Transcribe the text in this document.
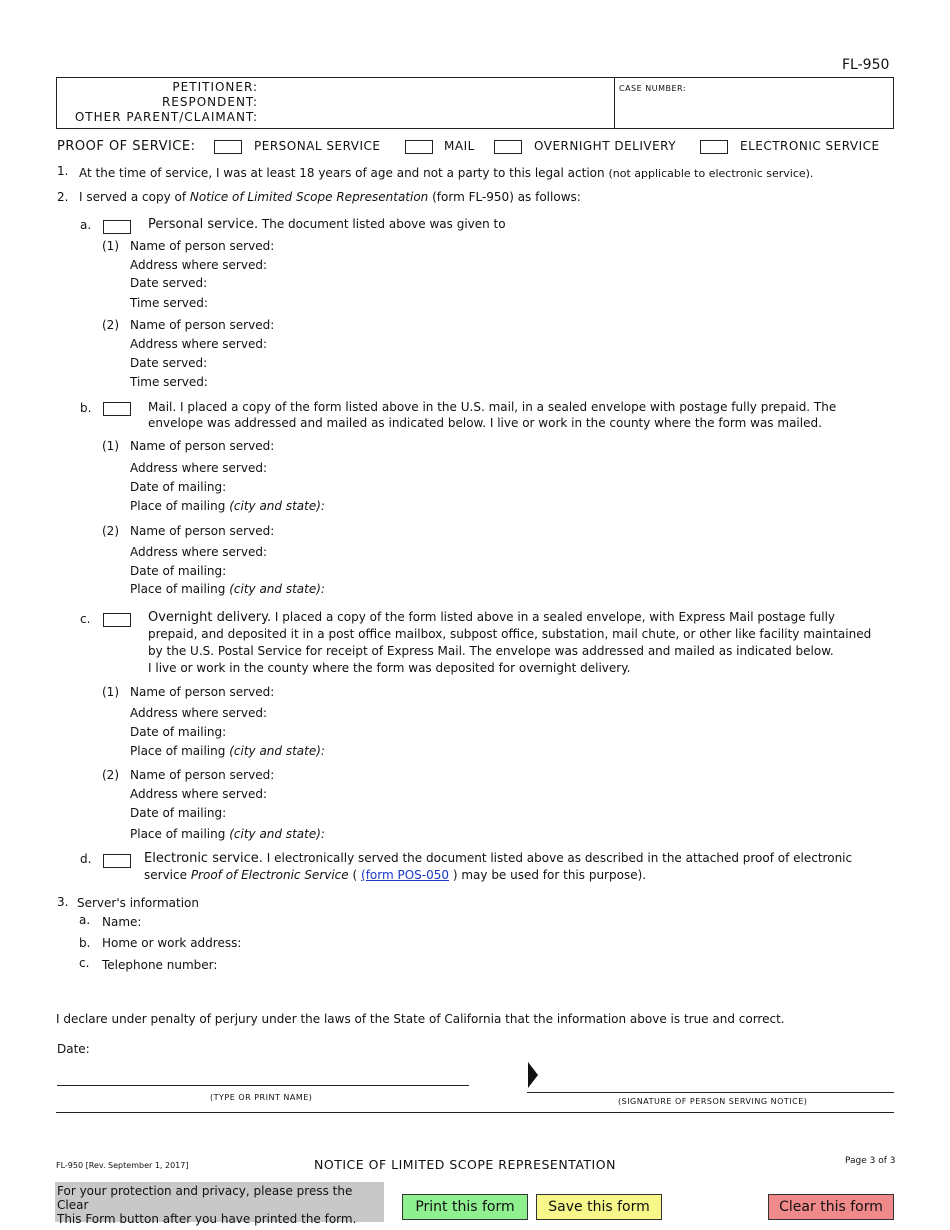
FL-950
PETITIONER:
RESPONDENT:
OTHER PARENT/CLAIMANT:
CASE NUMBER:
PROOF OF SERVICE:	PERSONAL SERVICE	MAIL	OVERNIGHT DELIVERY	ELECTRONIC SERVICE
1. At the time of service, I was at least 18 years of age and not a party to this legal action (not applicable to electronic service).
2. I served a copy of Notice of Limited Scope Representation (form FL-950) as follows:
a.	Personal service. The document listed above was given to
(1) Name of person served:
Address where served:
Date served:
Time served:
(2) Name of person served:
Address where served:
Date served:
Time served:
b.	Mail. I placed a copy of the form listed above in the U.S. mail, in a sealed envelope with postage fully prepaid. The
envelope was addressed and mailed as indicated below. I live or work in the county where the form was mailed.
(1) Name of person served:
Address where served:
Date of mailing:
Place of mailing (city and state):
(2) Name of person served:
Address where served:
Date of mailing:
Place of mailing (city and state):
c.	Overnight delivery. I placed a copy of the form listed above in a sealed envelope, with Express Mail postage fully
prepaid, and deposited it in a post office mailbox, subpost office, substation, mail chute, or other like facility maintained
by the U.S. Postal Service for receipt of Express Mail. The envelope was addressed and mailed as indicated below.
I live or work in the county where the form was deposited for overnight delivery.
(1) Name of person served:
Address where served:
Date of mailing:
Place of mailing (city and state):
(2) Name of person served:
Address where served:
Date of mailing:
Place of mailing (city and state):
d.	Electronic service. I electronically served the document listed above as described in the attached proof of electronic
service Proof of Electronic Service ( (form POS-050 ) may be used for this purpose).
3. Server's information
a. Name:
b. Home or work address:
c. Telephone number:
I declare under penalty of perjury under the laws of the State of California that the information above is true and correct.
Date:
(TYPE OR PRINT NAME)	(SIGNATURE OF PERSON SERVING NOTICE)
FL-950 [Rev. September 1, 2017]	NOTICE OF LIMITED SCOPE REPRESENTATION	Page 3 of 3
For your protection and privacy, please press the Clear
This Form button after you have printed the form.
Print this form	Save this form	Clear this form
